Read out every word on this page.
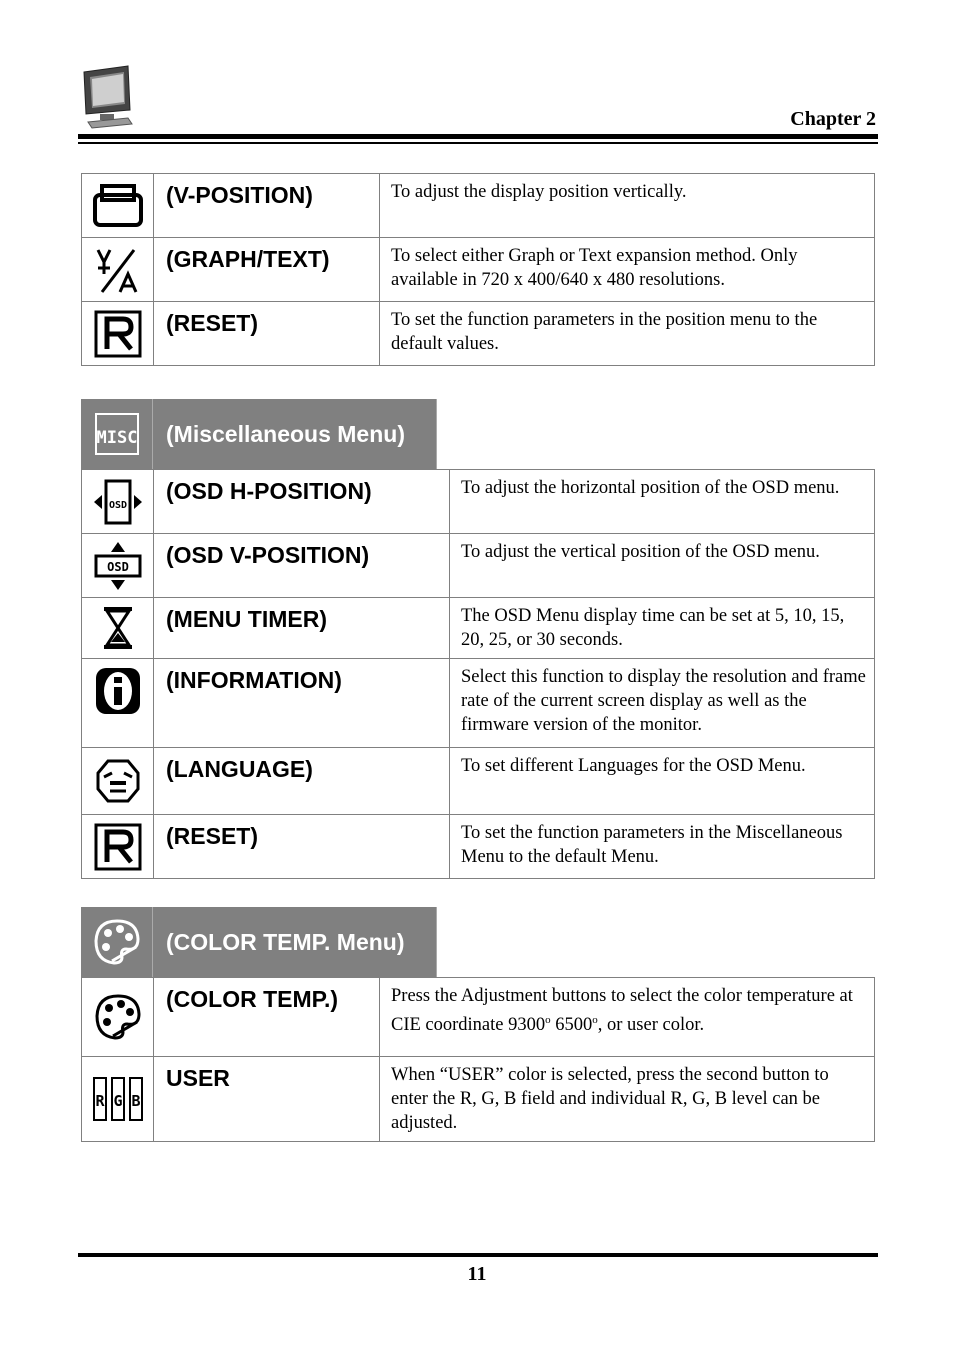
Chapter 2
	(V-POSITION)	To adjust the display position vertically.

	(GRAPH/TEXT)	To select either Graph or Text expansion method. Only available in 720 x 400/640 x 480 resolutions.

	(RESET)	To set the function parameters in the position menu to the default values.
MISC	(Miscellaneous Menu)
OSD	(OSD H-POSITION)	To adjust the horizontal position of the OSD menu.

OSD	(OSD V-POSITION)	To adjust the vertical position of the OSD menu.

	(MENU TIMER)	The OSD Menu display time can be set at 5, 10, 15, 20, 25, or 30 seconds.

	(INFORMATION)	Select this function to display the resolution and frame rate of the current screen display as well as the firmware version of the monitor.

	(LANGUAGE)	To set different Languages for the OSD Menu.

	(RESET)	To set the function parameters in the Miscellaneous Menu to the default Menu.
(COLOR TEMP. Menu)
	(COLOR TEMP.)	Press the Adjustment buttons to select the color temperature at CIE coordinate 9300$^o$ 6500$^o$, or user color.

R G B	USER	When “USER” color is selected, press the second button to enter the R, G, B field and individual R, G, B level can be adjusted.
11
